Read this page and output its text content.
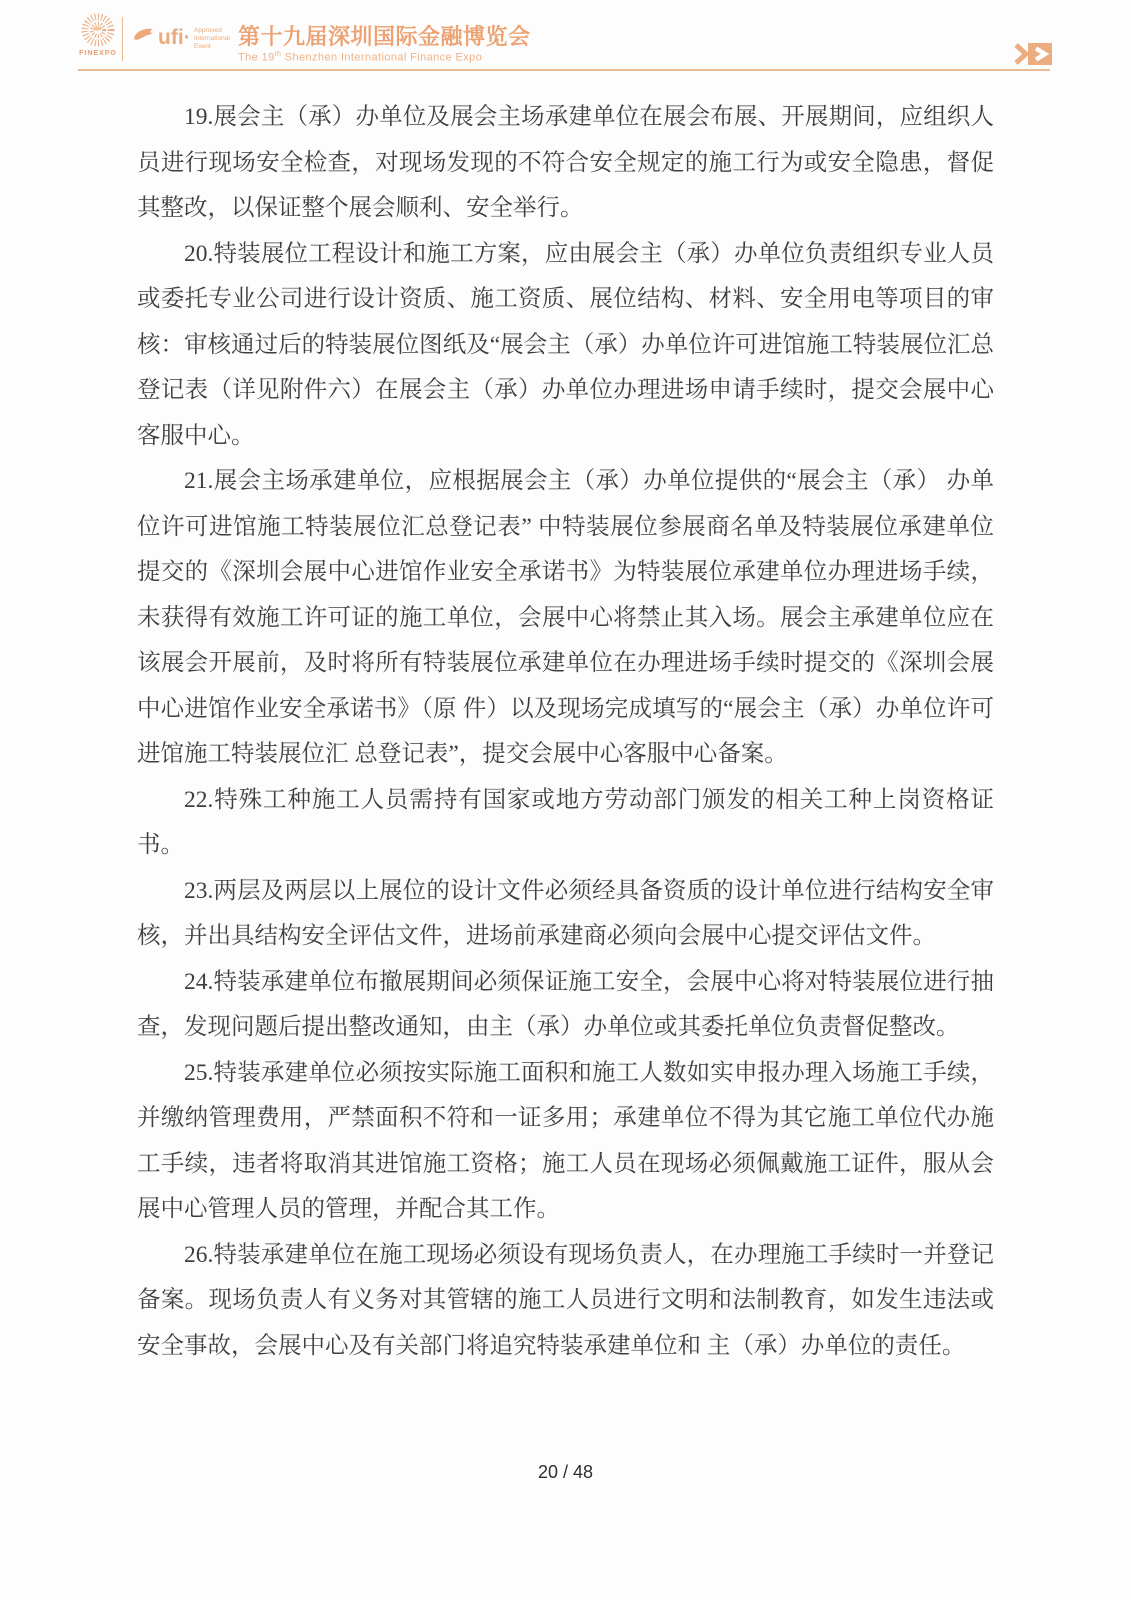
FINEXPO
ufi· Approved
International
Event	第十九届深圳国际金融博览会
The 19th Shenzhen International Finance Expo

19.展会主（承）办单位及展会主场承建单位在展会布展、开展期间，应组织人员进行现场安全检查，对现场发现的不符合安全规定的施工行为或安全隐患，督促其整改，以保证整个展会顺利、安全举行。

20.特装展位工程设计和施工方案，应由展会主（承）办单位负责组织专业人员或委托专业公司进行设计资质、施工资质、展位结构、材料、安全用电等项目的审核：审核通过后的特装展位图纸及“展会主（承）办单位许可进馆施工特装展位汇总登记表（详见附件六）在展会主（承）办单位办理进场申请手续时，提交会展中心客服中心。

21.展会主场承建单位，应根据展会主（承）办单位提供的“展会主（承） 办单位许可进馆施工特装展位汇总登记表” 中特装展位参展商名单及特装展位承建单位提交的《深圳会展中心进馆作业安全承诺书》为特装展位承建单位办理进场手续，未获得有效施工许可证的施工单位，会展中心将禁止其入场。展会主承建单位应在该展会开展前，及时将所有特装展位承建单位在办理进场手续时提交的《深圳会展中心进馆作业安全承诺书》（原 件）以及现场完成填写的“展会主（承）办单位许可进馆施工特装展位汇 总登记表”，提交会展中心客服中心备案。

22.特殊工种施工人员需持有国家或地方劳动部门颁发的相关工种上岗资格证书。

23.两层及两层以上展位的设计文件必须经具备资质的设计单位进行结构安全审核，并出具结构安全评估文件，进场前承建商必须向会展中心提交评估文件。

24.特装承建单位布撤展期间必须保证施工安全，会展中心将对特装展位进行抽查，发现问题后提出整改通知，由主（承）办单位或其委托单位负责督促整改。

25.特装承建单位必须按实际施工面积和施工人数如实申报办理入场施工手续，并缴纳管理费用，严禁面积不符和一证多用；承建单位不得为其它施工单位代办施工手续，违者将取消其进馆施工资格；施工人员在现场必须佩戴施工证件，服从会展中心管理人员的管理，并配合其工作。

26.特装承建单位在施工现场必须设有现场负责人，在办理施工手续时一并登记备案。现场负责人有义务对其管辖的施工人员进行文明和法制教育，如发生违法或安全事故，会展中心及有关部门将追究特装承建单位和 主（承）办单位的责任。

20 / 48
